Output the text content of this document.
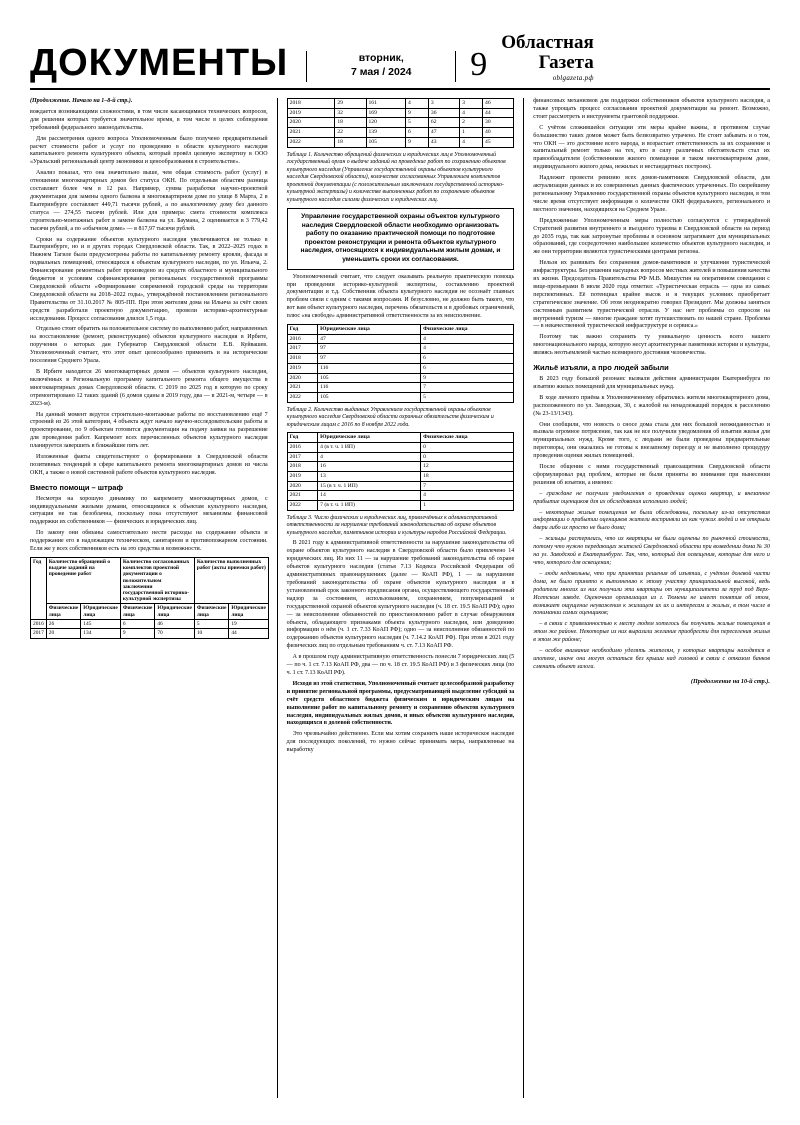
ДОКУМЕНТЫ	вторник,
7 мая / 2024	9
Областная
Газета
oblgazeta.рф

(Продолжение. Начало на 1–8-й стр.).

вождается возникающими сложностями, в том числе касающимися технических вопросов, для решения которых требуется значительное время, в том числе в целях соблюдения требований федерального законодательства.

Для рассмотрения одного вопроса Уполномоченным было получено предварительный расчет стоимости работ и услуг по проведению в области культурного наследия капитального ремонта культурного объекта, который провёл целевую экспертизу в ООО «Уральский региональный центр экономики и ценообразования в строительстве».

Анализ показал, что она значительно выше, чем общая стоимость работ (услуг) в отношении многоквартирных домов без статуса ОКН. По отдельным областям разница составляет более чем в 12 раз. Например, сумма разработки научно-проектной документации для замены одного балкона в многоквартирном доме по улице 8 Марта, 2 в Екатеринбурге составляет 449,71 тысячи рублей, а по аналогичному дому без данного статуса — 274,55 тысячи рублей. Или для примера: смета стоимости комплекса строительно-монтажных работ в замене балкона на ул. Баумана, 2 оценивается в 3 779,42 тысячи рублей, а по «обычном доме» — в 817,97 тысячи рублей.

Сроки на содержание объектов культурного наследия увеличиваются не только в Екатеринбурге, но и в других городах Свердловской области. Так, в 2022–2025 годах в Нижнем Тагиле были предусмотрены работы по капитальному ремонту кровли, фасада и подвальных помещений, относящихся к объектам культурного наследия, по ул. Ильича, 2. Финансирование ремонтных работ произведено из средств областного и муниципального бюджетов и условиям софинансирования региональных государственной программы Свердловской области «Формирование современной городской среды на территории Свердловской области на 2018–2022 годы», утверждённой постановлением регионального Правительства от 31.10.2017 № 805-ПП. При этом жителям дома на Ильича за счёт своих средств разработали проектную документацию, провели историко-архитектурные исследования. Процесс согласования длился 1,5 года.

Отдельно стоит обратить на положительное систему по выполнению работ, направленных на восстановление (ремонт, реконструкцию) объектов культурного наследия в Ирбите, поручения о которых дан Губернатор Свердловской области Е.В. Куйвашев. Уполномоченный считает, что этот опыт целесообразно применять и на исторические поселения Среднего Урала.

В Ирбите находится 26 многоквартирных домов — объектов культурного наследия, включённых в Региональную программу капитального ремонта общего имущества в многоквартирных домах Свердловской области. С 2019 по 2025 год в которую по сроку отремонтировано 12 таких зданий (6 домов сданы в 2019 году, два — в 2021-м, четыре — в 2023-м).

На данный момент ведутся строительно-монтажные работы по восстановлению ещё 7 строений из 26 этой категории, 4 объекта ждут начало научно-исследовательские работы и проектирование, по 9 объектам готовится документация на подачу заявки на разрешение для проведения работ. Капремонт всех перечисленных объектов культурного наследия планируется завершить в ближайшие пять лет.

Изложенные факты свидетельствуют о формировании в Свердловской области позитивных тенденций в сфере капитального ремонта многоквартирных домов из числа ОКН, а также о новой системной работе объектов культурного наследия.

Вместо помощи – штраф

Несмотря на хорошую динамику по капремонту многоквартирных домов, с индивидуальными жилыми домами, относящимися к объектам культурного наследия, ситуация не так безоблачна, поскольку пока отсутствуют механизмы финансовой поддержки их собственников — физических и юридических лиц.

По закону они обязаны самостоятельно нести расходы на содержание объекта и поддержание его в надлежащем техническом, санитарном и противопожарном состоянии. Если же у всех собственников есть на это средства и возможности.

Год	Количество обращений о выдаче заданий на проведение работ		Количество согласованных комплектов проектной документации о положительном заключении государственной историко-культурной экспертизы		Количество выполненных работ (акты приемки работ)	
	Физические лица	Юридические лица	Физические лица	Юридические лица	Физические лица	Юридические лица
2016	26	145	6	46	5	19
2017	20	134	9	70	10	44
2018	29	161	4	3	3	46
2019	32	169	9	36	4	44
2020	18	120	5	62	2	30
2021	22	139	6	47	1	40
2022	18	105	9	43	4	45
Таблица 1. Количество обращений физических и юридических лиц в Уполномоченный государственный орган о выдаче заданий на проведение работ по сохранению объектов культурного наследия (Управление государственной охраны объектов культурного наследия Свердловской области), количестве согласованных Управлением комплектов проектной документации (с положительным заключением государственной историко-культурной экспертизы) и количестве выполненных работ по сохранению объектов культурного наследия силами физических и юридических лиц.
Управление государственной охраны объектов культурного наследия Свердловской области необходимо организовать работу по оказанию практической помощи по подготовке проектом реконструкции и ремонта объектов культурного наследия, относящихся к индивидуальным жилым домам, и уменьшить сроки их согласования.

Уполномоченный считает, что следует оказывать реальную практическую помощь при проведении историко-культурной экспертизы, составлению проектной документации и т.д. Собственник объекта культурного наследия не осознаёт главных проблем связи с одним с такими вопросами. И безусловно, не должно быть такого, что вот вам объект культурного наследия, перечень обязательств и в дробовых ограничений, плюс «на свободе» административной ответственности за их неисполнение.

Год	Юридические лица	Физические лица
2016	47	4
2017	97	4
2018	97	6
2019	116	6
2020	105	9
2021	116	7
2022	105	5
Таблица 2. Количество выданных Управлением государственной охраны объектов культурного наследия Свердловской области охранных обязательств физическим и юридическим лицам с 2016 по 8 ноября 2022 года.
Год	Юридические лица	Физические лица
2016	4 (в т. ч. 1 ИП)	0
2017	4	0
2018	16	12
2019	13	18
2020	15 (в т. ч. 1 ИП)	7
2021	14	4
2022	7 (в т. ч. 1 ИП)	1
Таблица 3. Число физических и юридических лиц, привлечённых к административной ответственности за нарушение требований законодательства об охране объектов культурного наследия, памятников истории и культуры народов Российской Федерации.

В 2021 году к административной ответственности за нарушение законодательства об охране объектов культурного наследия в Свердловской области было привлечено 14 юридических лиц. Из них 11 — за нарушение требований законодательства об охране объектов культурного наследия (статья 7.13 Кодекса Российской Федерации об административных правонарушениях (далее — КоАП РФ), 1 — за нарушение требований законодательства об охране объектов культурного наследия и в установленный срок законного предписания органа, осуществляющего государственный надзор за состоянием, использованием, сохранением, популяризацией и государственной охраной объектов культурного наследия (ч. 18 ст. 19.5 КоАП РФ); одно — за неисполнение обязанностей по приостановлению работ в случае обнаружения объекта, обладающего признаками объекта культурного наследия, или доведению информации о нём (ч. 1 ст. 7.33 КоАП РФ); одно — за неисполнение обязанностей по содержанию объектов культурного наследия (ч. 7.14.2 КоАП РФ). При этом в 2021 году физических лиц по отдельным требованиям ч. ст. 7.13 КоАП РФ.

А в прошлом году административную ответственность понесли 7 юридических лиц (5 — по ч. 1 ст. 7.13 КоАП РФ, два — по ч. 18 ст. 19.5 КоАП РФ) и 3 физических лица (по ч. 1 ст. 7.13 КоАП РФ).

Исходя из этой статистики, Уполномоченный считает целесообразной разработку и принятие региональной программы, предусматривающей выделение субсидий за счёт средств областного бюджета физическим и юридическим лицам на выполнение работ по капитальному ремонту и сохранению объектов культурного наследия, индивидуальных жилых домов, и иных объектов культурного наследия, находящихся в долевой собственности.

Это чрезвычайно действенно. Если мы хотим сохранить наше историческое наследие для последующих поколений, то нужно сейчас принимать меры, направленные на выработку

финансовых механизмов для поддержки собственников объектов культурного наследия, а также упрощать процесс согласования проектной документации на ремонт. Возможно, стоит рассмотреть и инструменты грантовой поддержки.

С учётом сложившейся ситуации эти меры крайне важны, в противном случае большинство таких домов может быть безвозвратно утрачено. Не стоит забывать и о том, что ОКН — это достояние всего народа, и возрастает ответственность за их сохранение и капитальный ремонт только на тех, кто в силу различных обстоятельств стал их правообладателем (собственником жилого помещения в таком многоквартирном доме, индивидуального жилого дома, нежилых и нестандартных построек).

Надлежит провести ревизию всех домов-памятников Свердловской области, для актуализации данных и их совершенных данных фактических утраченных. По скорейшему региональному Управлению государственной охраны объектов культурного наследия, в том числе время отсутствует информация о количестве ОКН федерального, регионального и местного значения, находящихся на Среднем Урале.

Предложенные Уполномоченным меры полностью согласуются с утверждённой Стратегией развития внутреннего и въездного туризма в Свердловской области на период до 2035 года, так как затронутые проблемы в основном затрагивают для муниципальных образований, где сосредоточено наибольшее количество объектов культурного наследия, и же они территории являются туристическими центрами региона.

Нельзя их развивать без сохранения домов-памятников и улучшения туристической инфраструктуры. Без решения насущных вопросов местных жителей и повышения качества их жизни. Председатель Правительства РФ М.В. Мишустин на оперативном совещании с вице-премьерами 8 июля 2020 года отметил: «Туристическая отрасль — одна из самых перспективных. Её потенциал крайне высок и я текущих условиях приобретает стратегическое значение. Об этом неоднократно говорил Президент. Мы должны заняться системным развитием туристической отрасли. У нас нет проблемы со спросом на внутренний туризм — многие граждане хотят путешествовать по нашей стране. Проблема — в некачественной туристической инфраструктуре и сервиса.»

Поэтому так важно сохранить ту уникальную ценность всего нашего многонационального народа, которую несут архитектурные памятники истории и культуры, являясь неотъемлемой частью всемирного достояния человечества.

Жильё изъяли, а про людей забыли

В 2023 году большой резонанс вызвали действия администрации Екатеринбурга по изъятию жилых помещений для муниципальных нужд.

В ходе личного приёма к Уполномоченному обратились жители многоквартирного дома, расположенного по ул. Заводская, 30, с жалобой на ненадлежащий порядок к расселению (№ 23-13/1343).

Они сообщили, что новость о сносе дома стала для них большой неожиданностью и вызвала огромное потрясение, так как не все получили уведомления об изъятии жилья для муниципальных нужд. Кроме того, с людьми не были проведены предварительные переговоры, они оказались не готовы к внезапному переезду и не выполнено процедуру проведения оценки жилых помещений.

После общения с ними государственный правозащитник Свердловской области сформулировал ряд проблем, которые не были приняты во внимание при вынесении решения об изъятии, а именно:

– граждане не получили уведомления о проведении оценки квартир, и внезапное прибытие оценщиков для их обследования исполнило людей;

– некоторые жилые помещения не были обследованы, поскольку из-за отсутствия информации о прибытии оценщиков жители восприняли их как чужих людей и не открыли двери либо их просто не было дома;

– жильцы растерялись, что их квартиры не были оценены по рыночной стоимости, потому что нужно передающих жителей Свердловской области при возведении дома № 30 на ул. Заводской в Екатеринбурге. Так, что, который для освещения, которые для него и что, которого для освещения;

– люди недовольны, что при принятии решения об изъятии, с учётом долевой части дома, не было принято к выполнению к этому участку принципиальной высокой, ведь родители многих из них получили эти квартиры от муниципалитета за труд под Верх-Исетском заводе. Оценочная организация из г. Тюмени не имеет понятия об этом, возникает ощущение неуважения к жилищем их их и интересам и жилых, в том числе в понимании самих оценщиков;

– в связи с привязанностью к месту людям хотелось бы получить жилые помещения в этом же районе. Некоторые из них выразили желание приобрести для переселения жилья в этом же районе;

– особое внимание необходимо уделять жителям, у которых квартиры находятся в ипотеке, иначе они могут остаться без крыши над головой в связи с отказом банков сменить объект залога.

(Продолжение на 10-й стр.).
